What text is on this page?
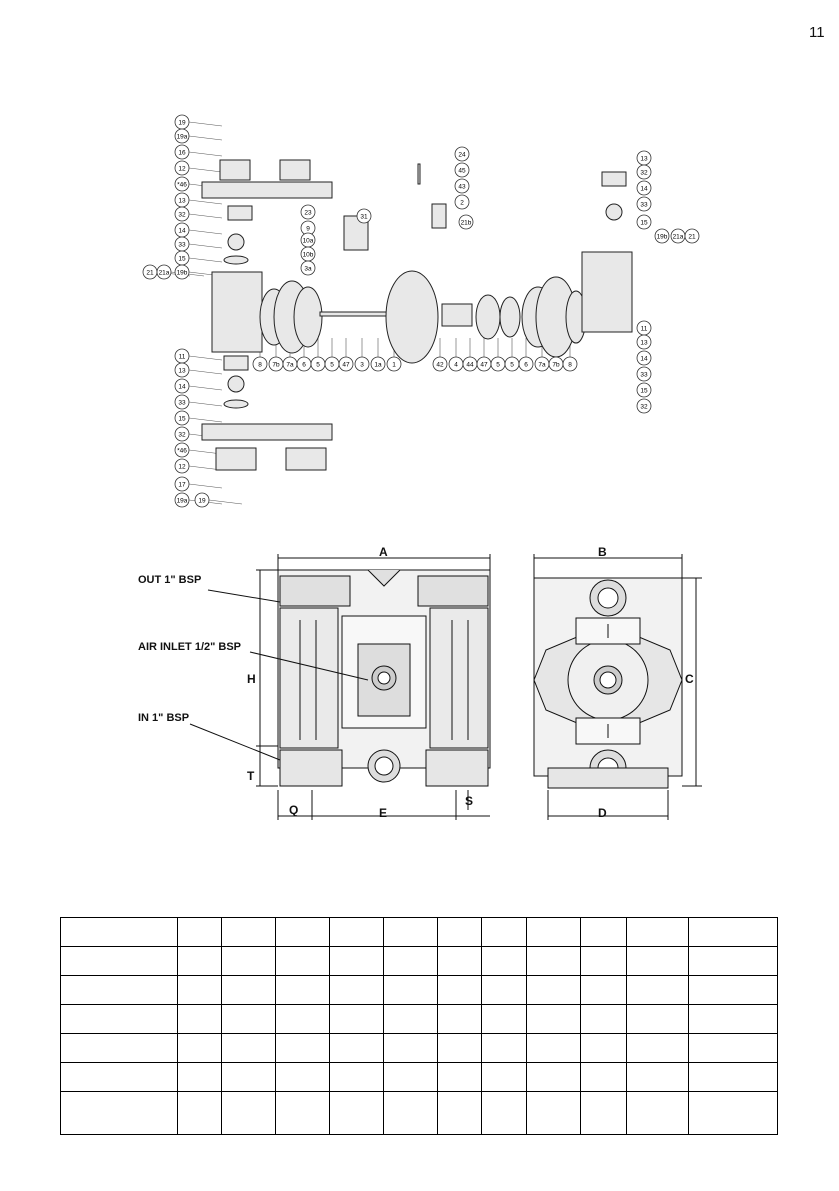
11
19
19a
16
12
*46
13
32
14
33
15
21 21a 19b
11
13
14
33
15
32
*46
12
17
19a 19
8 7b 7a 6 5 5 47 3 1a 1	42 4 44 47 5 5 6 7a 7b 8
24
45
43
2
21b
23
9
31
10a
10b
3a
13
32
14
33
15
19b 21a 21
11
13
14
33
15
32
A	B
H	C
T
Q	E
S
D
OUT 1" BSP
AIR INLET 1/2" BSP
IN 1" BSP
